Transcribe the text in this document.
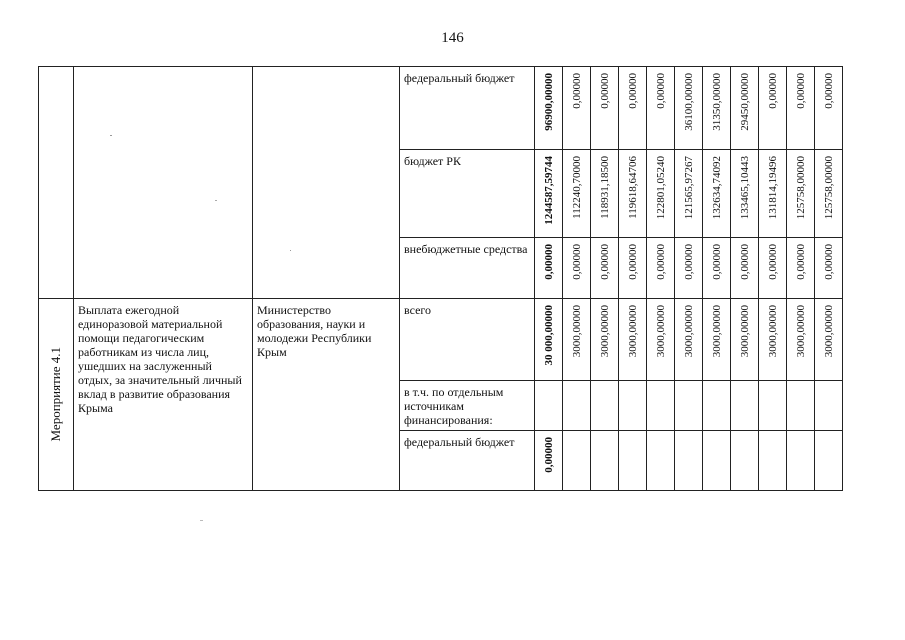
146

			федеральный бюджет	96900,00000	0,00000	0,00000	0,00000	0,00000	36100,00000	31350,00000	29450,00000	0,00000	0,00000	0,00000

			бюджет РК	1244587,59744	112240,70000	118931,18500	119618,64706	122801,05240	121565,97267	132634,74092	133465,10443	131814,19496	125758,00000	125758,00000

			внебюджетные средства	0,00000	0,00000	0,00000	0,00000	0,00000	0,00000	0,00000	0,00000	0,00000	0,00000	0,00000

Мероприятие 4.1	Выплата ежегодной единоразовой материальной помощи педагогическим работникам из числа лиц, ушедших на заслуженный отдых, за значительный личный вклад в развитие образования Крыма	Министерство образования, науки и молодежи Республики Крым	всего	30 000,00000	3000,00000	3000,00000	3000,00000	3000,00000	3000,00000	3000,00000	3000,00000	3000,00000	3000,00000	3000,00000

			в т.ч. по отдельным источникам финансирования:											

			федеральный бюджет	0,00000										
